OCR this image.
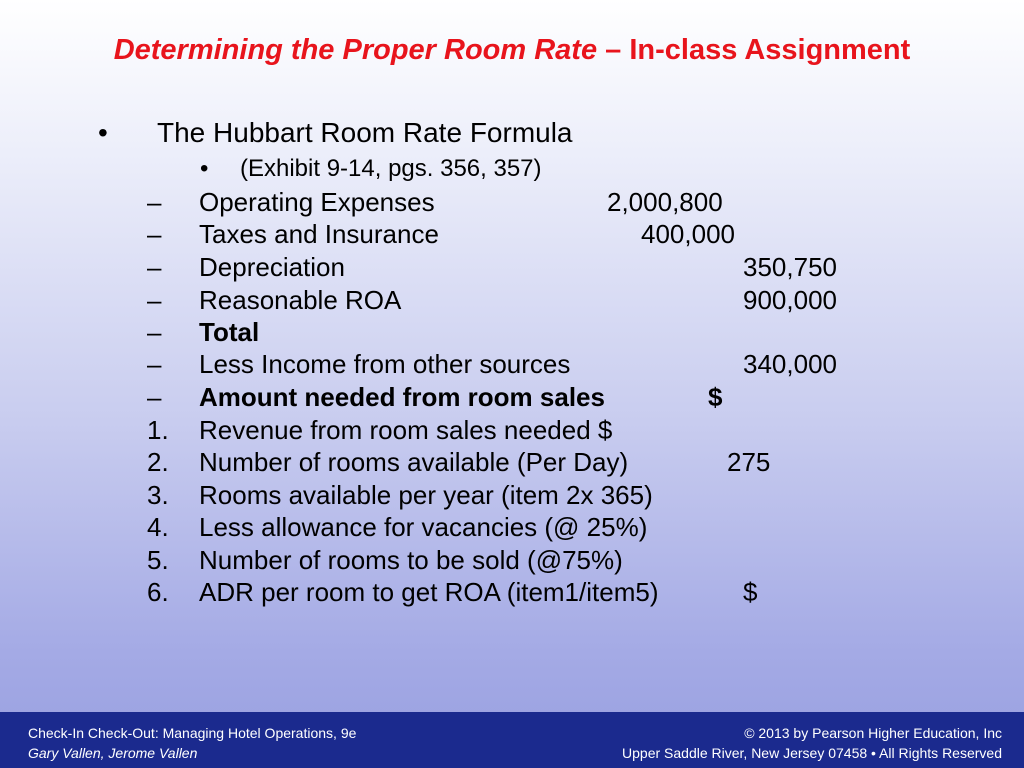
Determining the Proper Room Rate – In-class Assignment
• The Hubbart Room Rate Formula
• (Exhibit 9-14, pgs. 356, 357)
– Operating Expenses	2,000,800
– Taxes and Insurance	400,000
– Depreciation	350,750
– Reasonable ROA	900,000
– Total
– Less Income from other sources	340,000
– Amount needed from room sales	$
1. Revenue from room sales needed $
2. Number of rooms available (Per Day)	275
3. Rooms available per year (item 2x 365)
4. Less allowance for vacancies (@ 25%)
5. Number of rooms to be sold (@75%)
6. ADR per room to get ROA (item1/item5)	$
Check-In Check-Out: Managing Hotel Operations, 9e
Gary Vallen, Jerome Vallen
© 2013 by Pearson Higher Education, Inc
Upper Saddle River, New Jersey 07458 • All Rights Reserved
